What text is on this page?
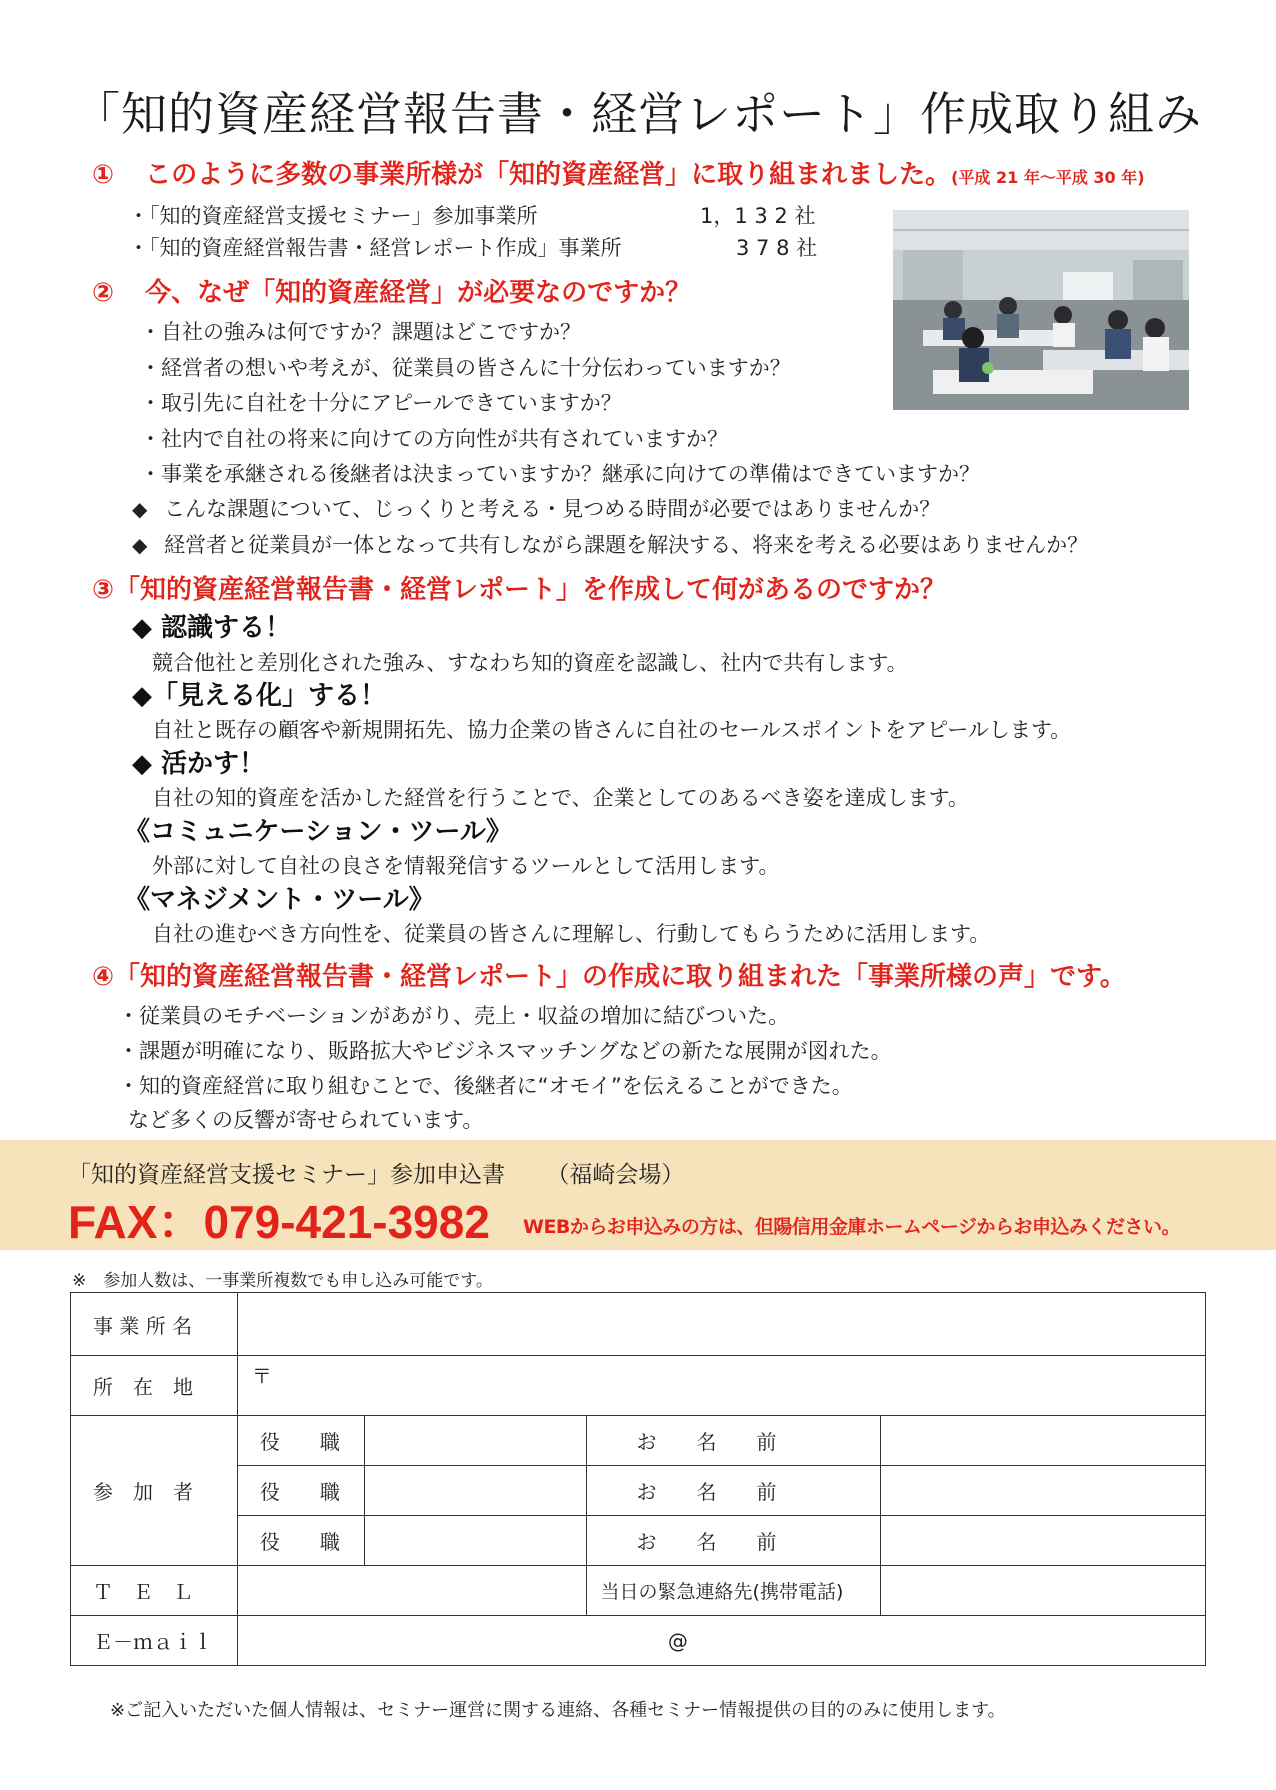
「知的資産経営報告書・経営レポート」作成取り組み
① このように多数の事業所様が「知的資産経営」に取り組まれました。(平成 21 年〜平成 30 年)
・「知的資産経営支援セミナー」参加事業所	1，1 3 2 社
・「知的資産経営報告書・経営レポート作成」事業所	3 7 8 社
② 今、なぜ「知的資産経営」が必要なのですか？
・自社の強みは何ですか？課題はどこですか？
・経営者の想いや考えが、従業員の皆さんに十分伝わっていますか？
・取引先に自社を十分にアピールできていますか？
・社内で自社の将来に向けての方向性が共有されていますか？
・事業を承継される後継者は決まっていますか？継承に向けての準備はできていますか？
◆ こんな課題について、じっくりと考える・見つめる時間が必要ではありませんか？
◆ 経営者と従業員が一体となって共有しながら課題を解決する、将来を考える必要はありませんか？
③「知的資産経営報告書・経営レポート」を作成して何があるのですか？
◆ 認識する！
競合他社と差別化された強み、すなわち知的資産を認識し、社内で共有します。
◆「見える化」する！
自社と既存の顧客や新規開拓先、協力企業の皆さんに自社のセールスポイントをアピールします。
◆ 活かす！
自社の知的資産を活かした経営を行うことで、企業としてのあるべき姿を達成します。
《コミュニケーション・ツール》
外部に対して自社の良さを情報発信するツールとして活用します。
《マネジメント・ツール》
自社の進むべき方向性を、従業員の皆さんに理解し、行動してもらうために活用します。
④「知的資産経営報告書・経営レポート」の作成に取り組まれた「事業所様の声」です。
・従業員のモチベーションがあがり、売上・収益の増加に結びついた。
・課題が明確になり、販路拡大やビジネスマッチングなどの新たな展開が図れた。
・知的資産経営に取り組むことで、後継者に“オモイ”を伝えることができた。
など多くの反響が寄せられています。
「知的資産経営支援セミナー」参加申込書 （福崎会場）
FAX：079-421-3982 WEBからお申込みの方は、但陽信用金庫ホームページからお申込みください。
※　参加人数は、一事業所複数でも申し込み可能です。
事 業 所 名				
所　在　地	〒			
参　加　者	役　　職		お　　名　　前	
	役　　職		お　　名　　前	
	役　　職		お　　名　　前	
Ｔ　Ｅ　Ｌ			当日の緊急連絡先(携帯電話)	
Ｅ－ｍａｉｌ	@			
※ご記入いただいた個人情報は、セミナー運営に関する連絡、各種セミナー情報提供の目的のみに使用します。
